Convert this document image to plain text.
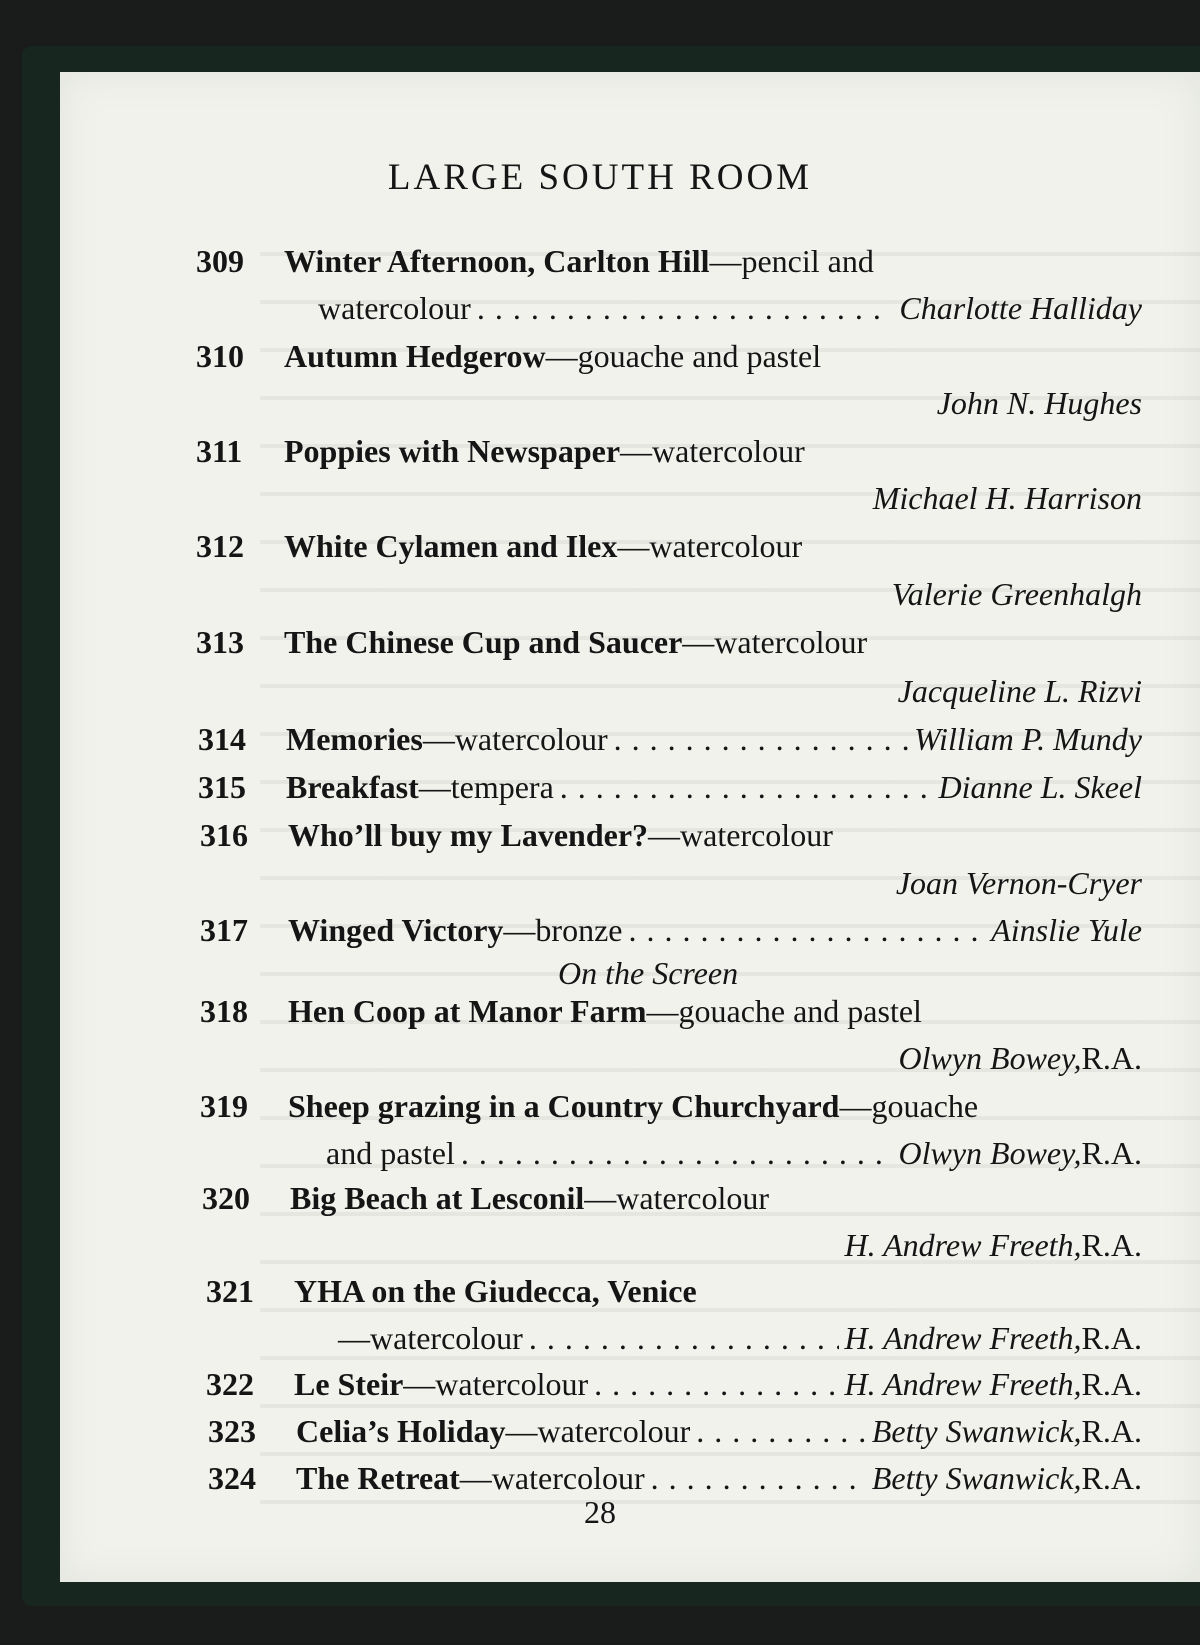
LARGE SOUTH ROOM
309	Winter Afternoon, Carlton Hill —pencil and
watercolour . . .	Charlotte Halliday
310	Autumn Hedgerow —gouache and pastel
John N. Hughes
311	Poppies with Newspaper —watercolour
Michael H. Harrison
312	White Cylamen and Ilex —watercolour
Valerie Greenhalgh
313	The Chinese Cup and Saucer —watercolour
Jacqueline L. Rizvi
314	Memories —watercolour . . .	William P. Mundy
315	Breakfast —tempera . . .	Dianne L. Skeel
316	Who’ll buy my Lavender? —watercolour
Joan Vernon-Cryer
317	Winged Victory —bronze . . .	Ainslie Yule
On the Screen
318	Hen Coop at Manor Farm —gouache and pastel
Olwyn Bowey, R.A.
319	Sheep grazing in a Country Churchyard —gouache
and pastel . . .	Olwyn Bowey, R.A.
320	Big Beach at Lesconil —watercolour
H. Andrew Freeth, R.A.
321	YHA on the Giudecca, Venice
—watercolour . . .	H. Andrew Freeth, R.A.
322	Le Steir —watercolour . . .	H. Andrew Freeth, R.A.
323	Celia’s Holiday —watercolour . . .	Betty Swanwick, R.A.
324	The Retreat —watercolour . . .	Betty Swanwick, R.A.

28
